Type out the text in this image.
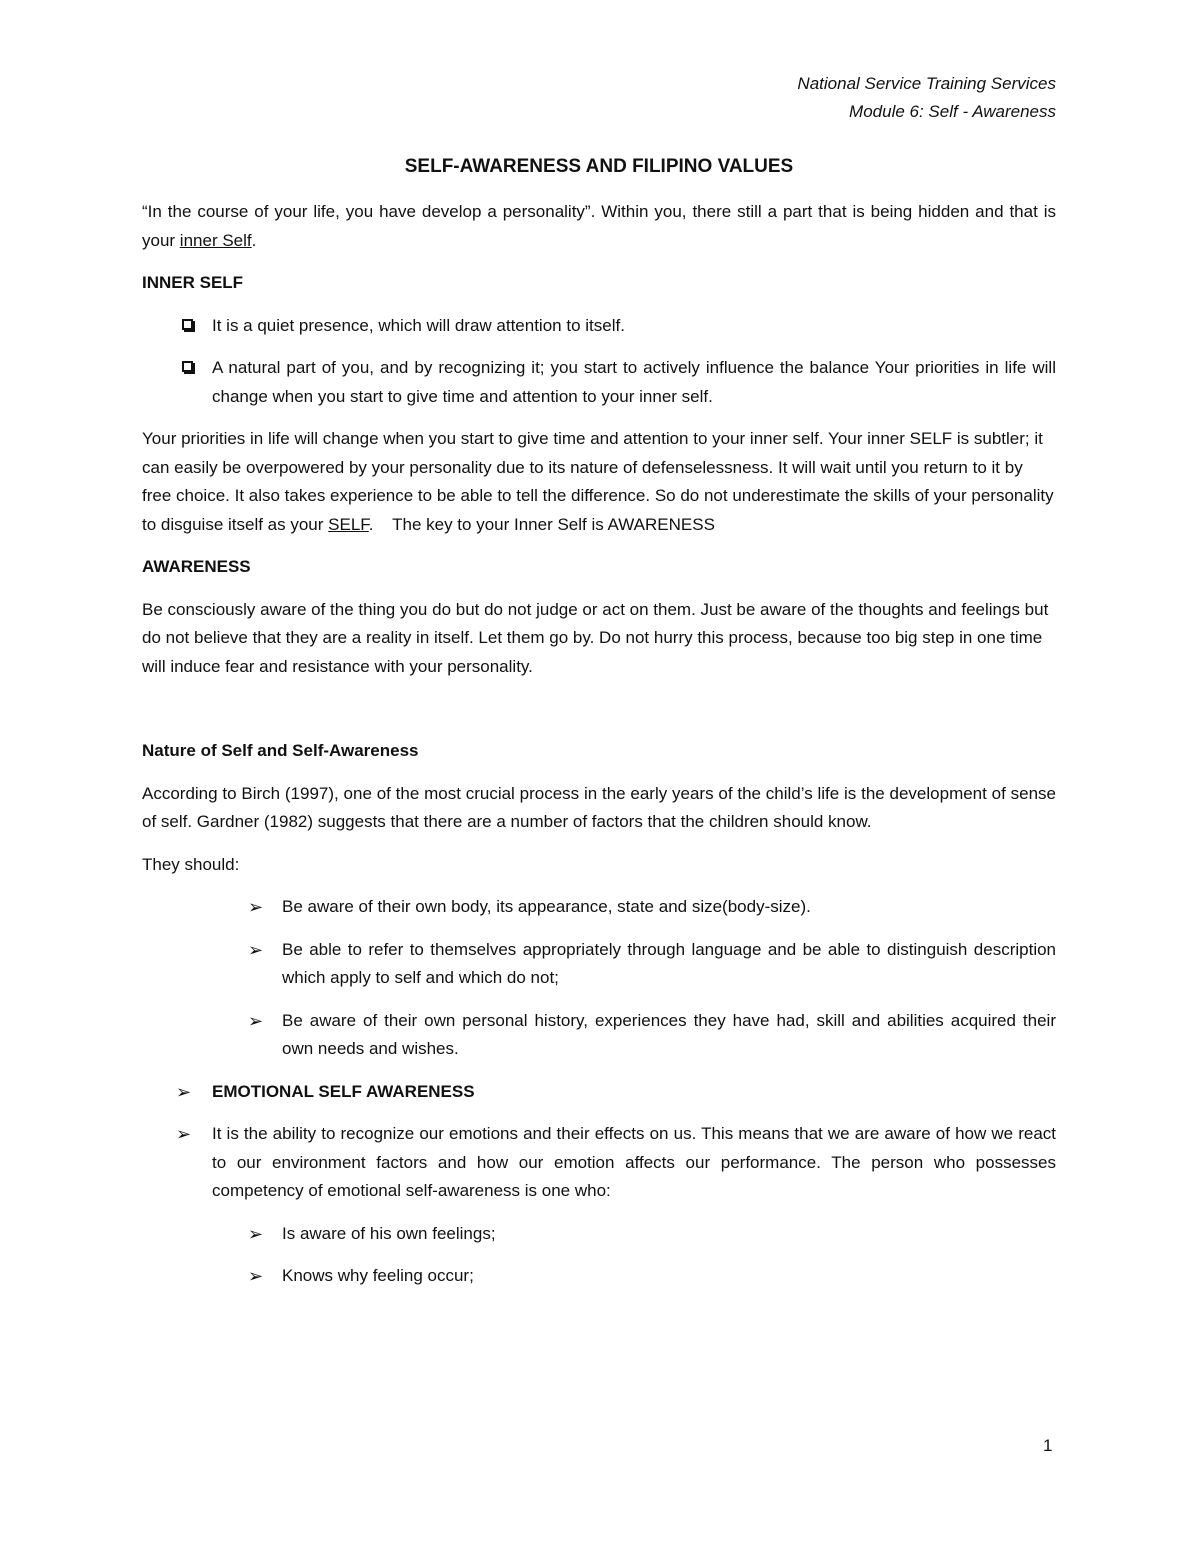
National Service Training Services
Module 6: Self - Awareness
SELF-AWARENESS AND FILIPINO VALUES

“In the course of your life, you have develop a personality”. Within you, there still a part that is being hidden and that is your inner Self.

INNER SELF
It is a quiet presence, which will draw attention to itself.
A natural part of you, and by recognizing it; you start to actively influence the balance Your priorities in life will change when you start to give time and attention to your inner self.

Your priorities in life will change when you start to give time and attention to your inner self. Your inner SELF is subtler; it can easily be overpowered by your personality due to its nature of defenselessness. It will wait until you return to it by free choice. It also takes experience to be able to tell the difference. So do not underestimate the skills of your personality to disguise itself as your SELF.    The key to your Inner Self is AWARENESS

AWARENESS

Be consciously aware of the thing you do but do not judge or act on them. Just be aware of the thoughts and feelings but do not believe that they are a reality in itself. Let them go by. Do not hurry this process, because too big step in one time will induce fear and resistance with your personality.

Nature of Self and Self-Awareness

According to Birch (1997), one of the most crucial process in the early years of the child’s life is the development of sense of self. Gardner (1982) suggests that there are a number of factors that the children should know.

They should:

➢ Be aware of their own body, its appearance, state and size(body-size).
➢ Be able to refer to themselves appropriately through language and be able to distinguish description which apply to self and which do not;
➢ Be aware of their own personal history, experiences they have had, skill and abilities acquired their own needs and wishes.
➢ EMOTIONAL SELF AWARENESS
➢ It is the ability to recognize our emotions and their effects on us. This means that we are aware of how we react to our environment factors and how our emotion affects our performance. The person who possesses competency of emotional self-awareness is one who:
➢ Is aware of his own feelings;
➢ Knows why feeling occur;
1
